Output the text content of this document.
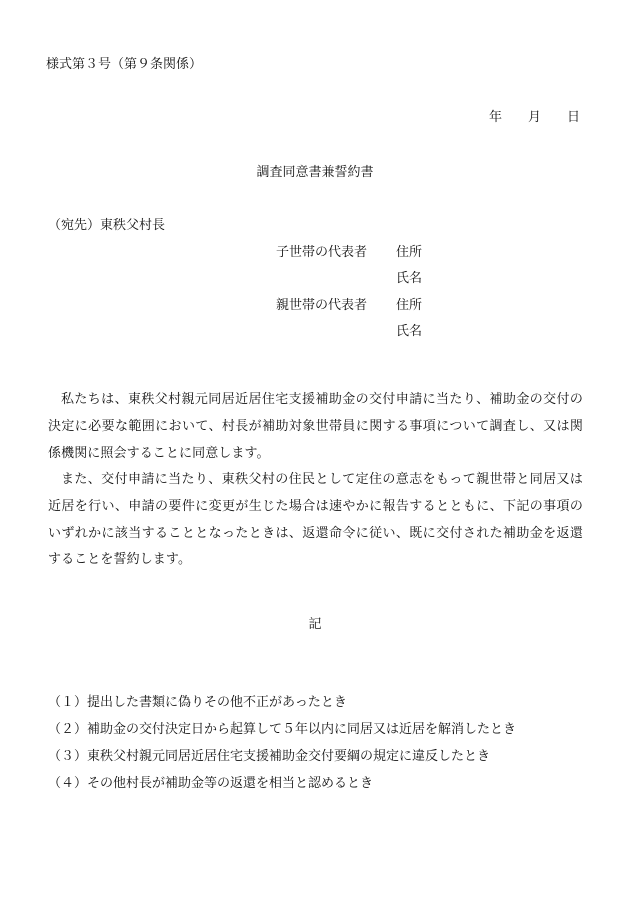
様式第３号（第９条関係）
年 月 日
調査同意書兼誓約書
（宛先）東秩父村長
子世帯の代表者 住所
氏名
親世帯の代表者 住所
氏名

私たちは、東秩父村親元同居近居住宅支援補助金の交付申請に当たり、補助金の交付の決定に必要な範囲において、村長が補助対象世帯員に関する事項について調査し、又は関係機関に照会することに同意します。

また、交付申請に当たり、東秩父村の住民として定住の意志をもって親世帯と同居又は近居を行い、申請の要件に変更が生じた場合は速やかに報告するとともに、下記の事項のいずれかに該当することとなったときは、返還命令に従い、既に交付された補助金を返還することを誓約します。

記
（１）提出した書類に偽りその他不正があったとき
（２）補助金の交付決定日から起算して５年以内に同居又は近居を解消したとき
（３）東秩父村親元同居近居住宅支援補助金交付要綱の規定に違反したとき
（４）その他村長が補助金等の返還を相当と認めるとき
